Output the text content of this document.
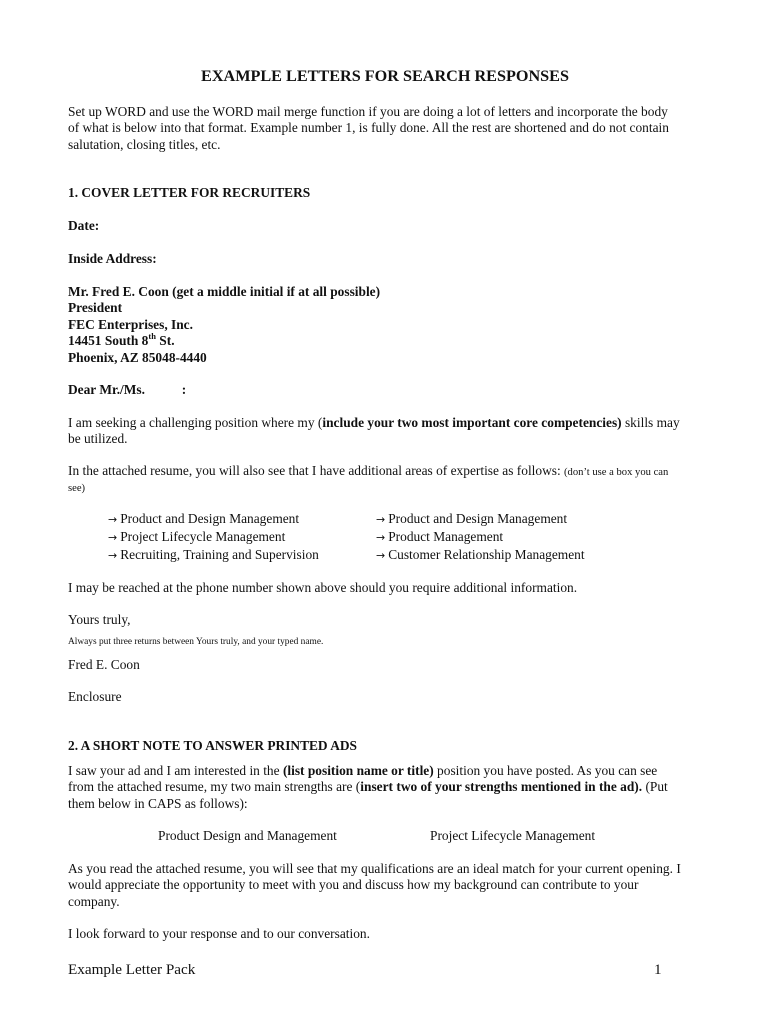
EXAMPLE LETTERS FOR SEARCH RESPONSES
Set up WORD and use the WORD mail merge function if you are doing a lot of letters and incorporate the body
of what is below into that format. Example number 1, is fully done. All the rest are shortened and do not contain
salutation, closing titles, etc.
1. COVER LETTER FOR RECRUITERS
Date:
Inside Address:
Mr. Fred E. Coon (get a middle initial if at all possible)
President
FEC Enterprises, Inc.
14451 South 8th St.
Phoenix, AZ 85048-4440
Dear Mr./Ms.           :
I am seeking a challenging position where my (include your two most important core competencies) skills may
be utilized.
In the attached resume, you will also see that I have additional areas of expertise as follows: (don’t use a box you can
see)
→ Product and Design Management	→ Product and Design Management
→ Project Lifecycle Management	→ Product Management
→ Recruiting, Training and Supervision	→ Customer Relationship Management
I may be reached at the phone number shown above should you require additional information.
Yours truly,
Always put three returns between Yours truly, and your typed name.
Fred E. Coon
Enclosure
2. A SHORT NOTE TO ANSWER PRINTED ADS
I saw your ad and I am interested in the (list position name or title) position you have posted. As you can see
from the attached resume, my two main strengths are (insert two of your strengths mentioned in the ad). (Put
them below in CAPS as follows):
Product Design and Management	Project Lifecycle Management
As you read the attached resume, you will see that my qualifications are an ideal match for your current opening. I
would appreciate the opportunity to meet with you and discuss how my background can contribute to your
company.
I look forward to your response and to our conversation.
Example Letter Pack	1
